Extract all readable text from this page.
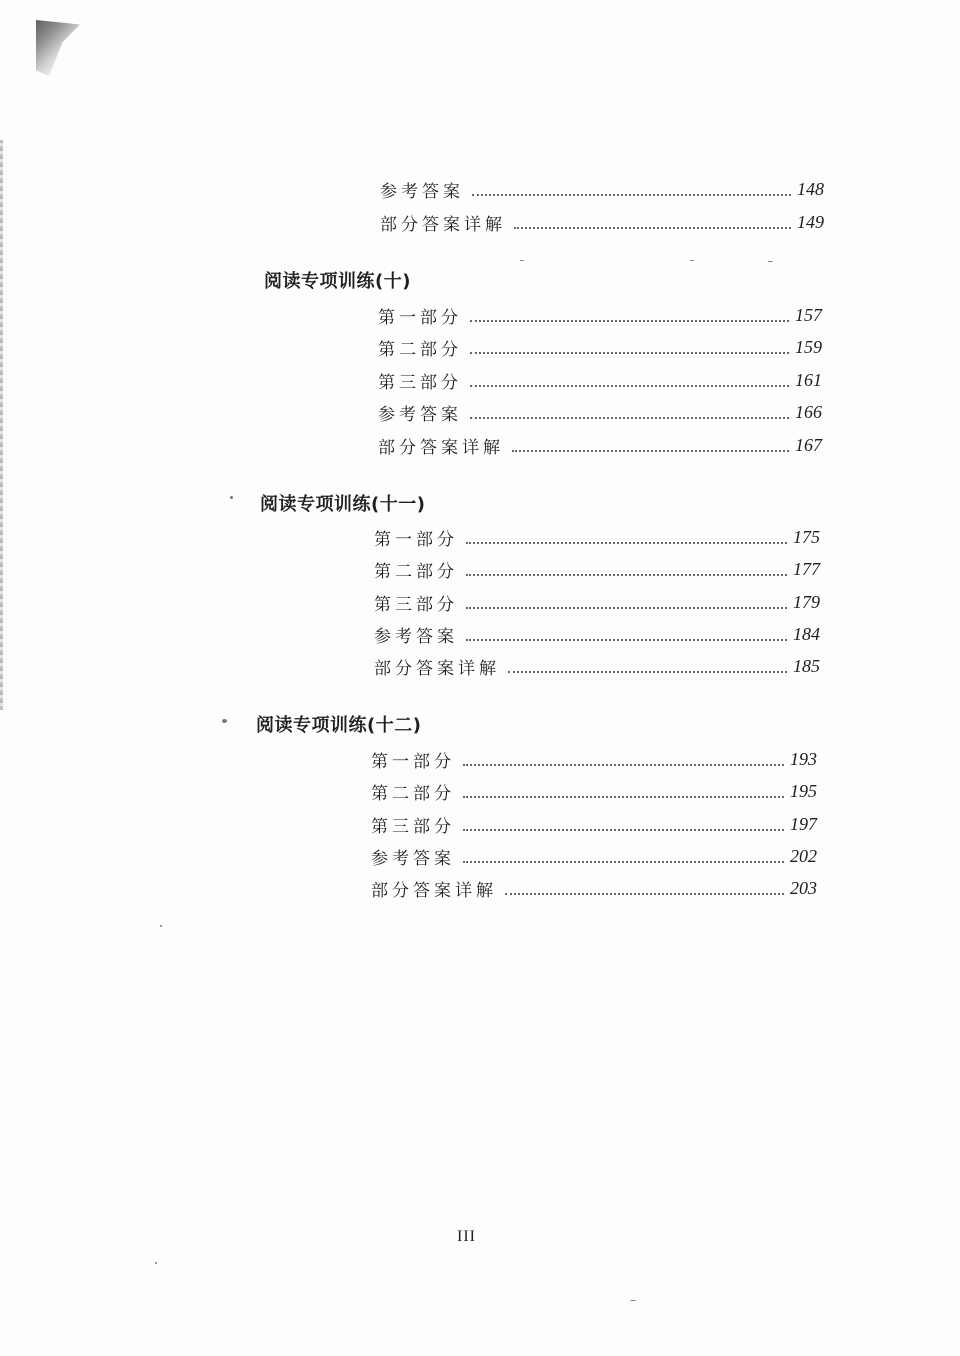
参考答案	148
部分答案详解	149
阅读专项训练(十)
第一部分	157
第二部分	159
第三部分	161
参考答案	166
部分答案详解	167
阅读专项训练(十一)
第一部分	175
第二部分	177
第三部分	179
参考答案	184
部分答案详解	185
阅读专项训练(十二)
第一部分	193
第二部分	195
第三部分	197
参考答案	202
部分答案详解	203
III
